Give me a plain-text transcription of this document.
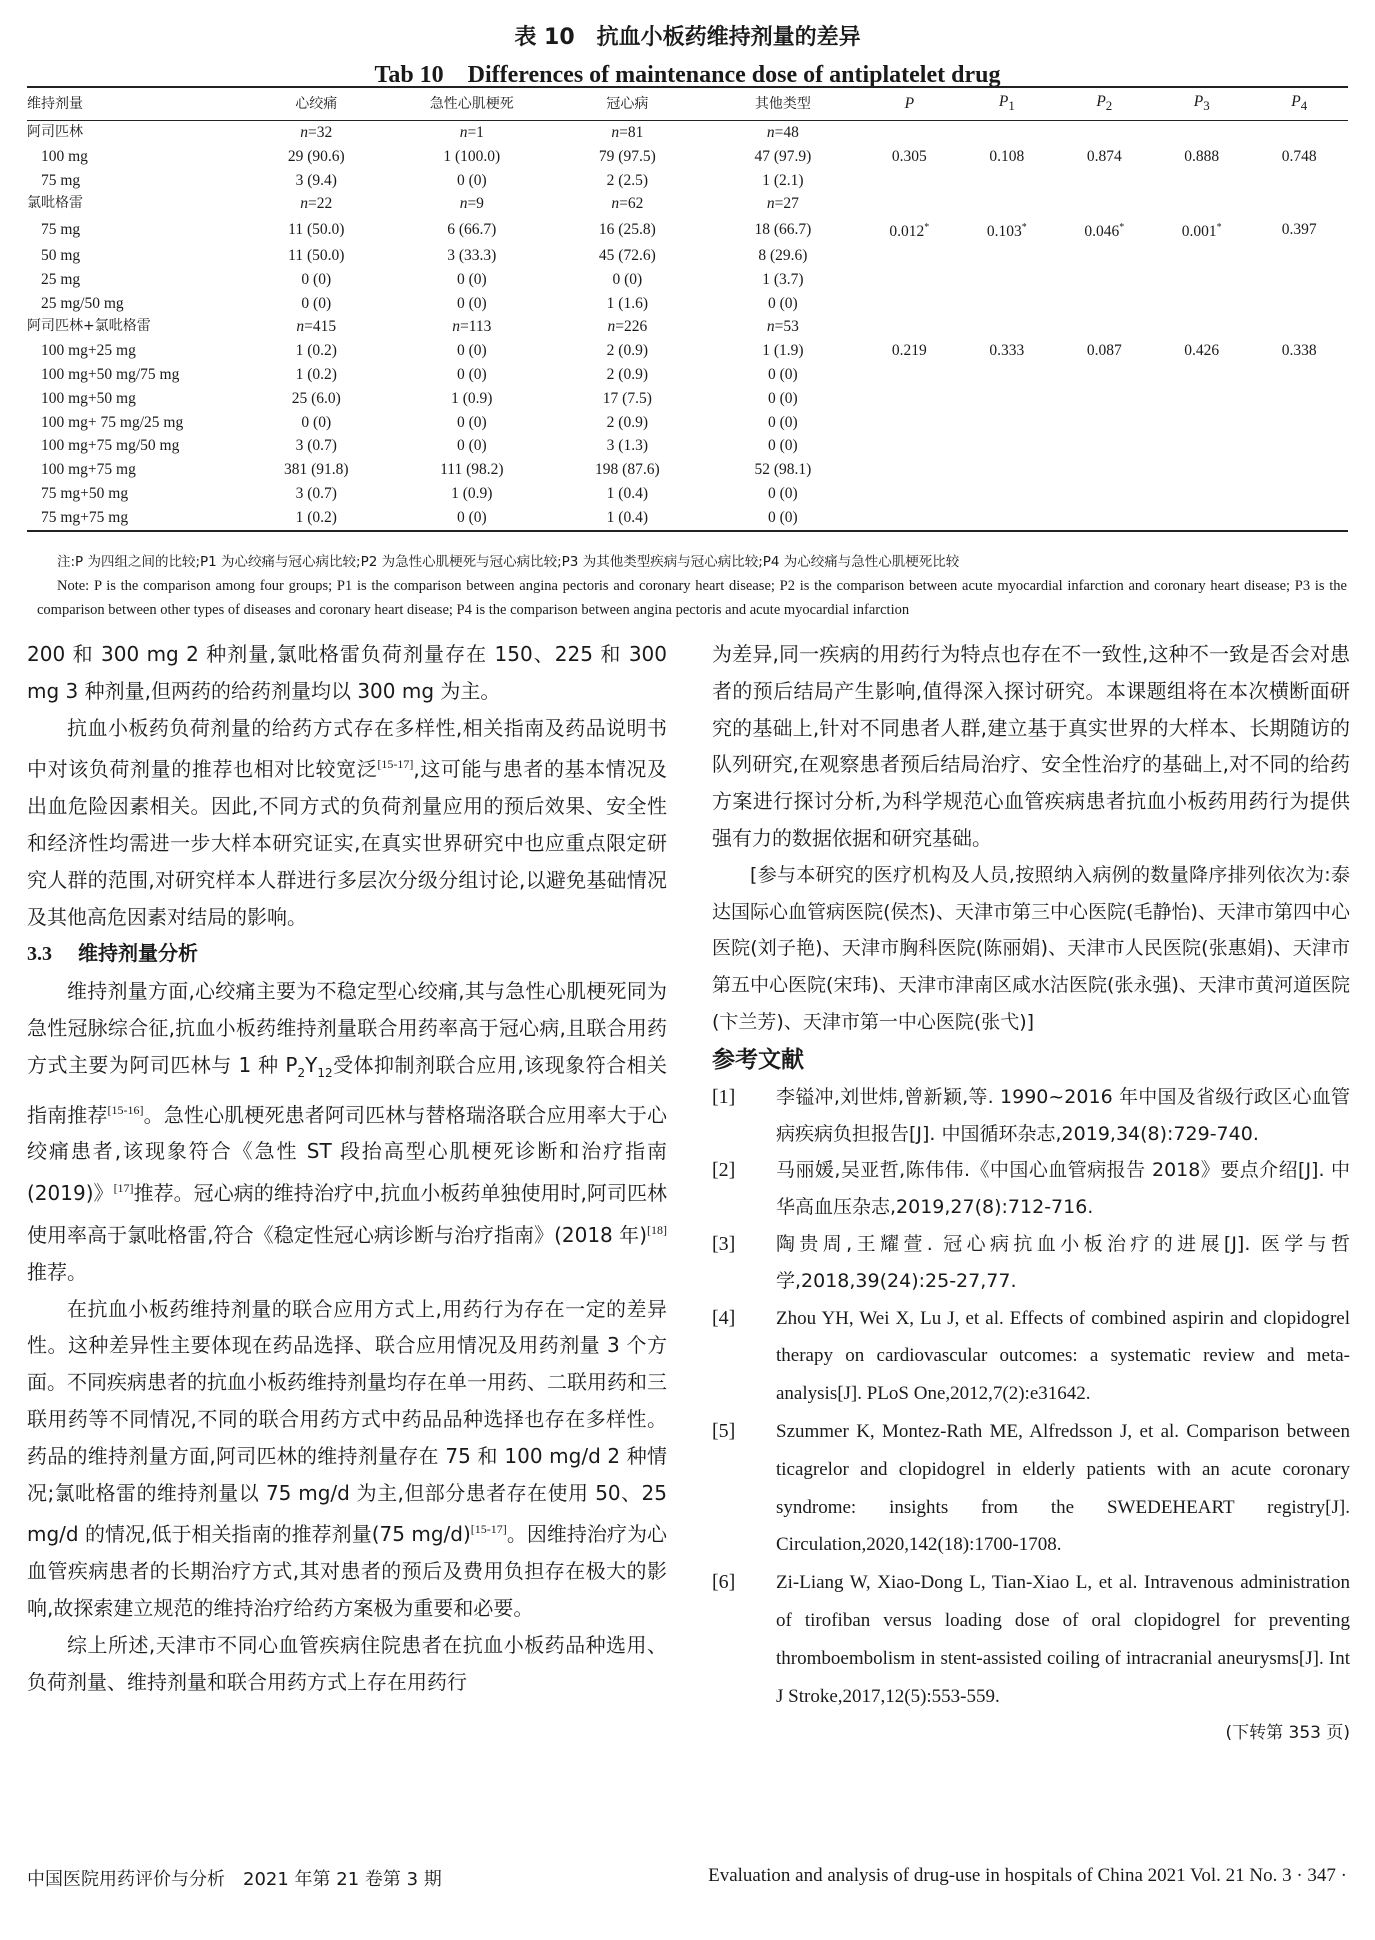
表 10　抗血小板药维持剂量的差异
Tab 10　Differences of maintenance dose of antiplatelet drug
维持剂量	心绞痛	急性心肌梗死	冠心病	其他类型	P	$P_1$	$P_2$	$P_3$	$P_4$
阿司匹林	n=32	n=1	n=81	n=48					
100 mg	29 (90.6)	1 (100.0)	79 (97.5)	47 (97.9)	0.305	0.108	0.874	0.888	0.748
75 mg	3 (9.4)	0 (0)	2 (2.5)	1 (2.1)					
氯吡格雷	n=22	n=9	n=62	n=27					
75 mg	11 (50.0)	6 (66.7)	16 (25.8)	18 (66.7)	0.012*	0.103*	0.046*	0.001*	0.397
50 mg	11 (50.0)	3 (33.3)	45 (72.6)	8 (29.6)					
25 mg	0 (0)	0 (0)	0 (0)	1 (3.7)					
25 mg/50 mg	0 (0)	0 (0)	1 (1.6)	0 (0)					
阿司匹林+氯吡格雷	n=415	n=113	n=226	n=53					
100 mg+25 mg	1 (0.2)	0 (0)	2 (0.9)	1 (1.9)	0.219	0.333	0.087	0.426	0.338
100 mg+50 mg/75 mg	1 (0.2)	0 (0)	2 (0.9)	0 (0)					
100 mg+50 mg	25 (6.0)	1 (0.9)	17 (7.5)	0 (0)					
100 mg+ 75 mg/25 mg	0 (0)	0 (0)	2 (0.9)	0 (0)					
100 mg+75 mg/50 mg	3 (0.7)	0 (0)	3 (1.3)	0 (0)					
100 mg+75 mg	381 (91.8)	111 (98.2)	198 (87.6)	52 (98.1)					
75 mg+50 mg	3 (0.7)	1 (0.9)	1 (0.4)	0 (0)					
75 mg+75 mg	1 (0.2)	0 (0)	1 (0.4)	0 (0)					
注:P 为四组之间的比较;P1 为心绞痛与冠心病比较;P2 为急性心肌梗死与冠心病比较;P3 为其他类型疾病与冠心病比较;P4 为心绞痛与急性心肌梗死比较
Note: P is the comparison among four groups; P1 is the comparison between angina pectoris and coronary heart disease; P2 is the comparison between acute myocardial infarction and coronary heart disease; P3 is the comparison between other types of diseases and coronary heart disease; P4 is the comparison between angina pectoris and acute myocardial infarction

200 和 300 mg 2 种剂量,氯吡格雷负荷剂量存在 150、225 和 300 mg 3 种剂量,但两药的给药剂量均以 300 mg 为主。

抗血小板药负荷剂量的给药方式存在多样性,相关指南及药品说明书中对该负荷剂量的推荐也相对比较宽泛[15-17],这可能与患者的基本情况及出血危险因素相关。因此,不同方式的负荷剂量应用的预后效果、安全性和经济性均需进一步大样本研究证实,在真实世界研究中也应重点限定研究人群的范围,对研究样本人群进行多层次分级分组讨论,以避免基础情况及其他高危因素对结局的影响。

3.3 维持剂量分析

维持剂量方面,心绞痛主要为不稳定型心绞痛,其与急性心肌梗死同为急性冠脉综合征,抗血小板药维持剂量联合用药率高于冠心病,且联合用药方式主要为阿司匹林与 1 种 $P_2Y_{12}$受体抑制剂联合应用,该现象符合相关指南推荐[15-16]。急性心肌梗死患者阿司匹林与替格瑞洛联合应用率大于心绞痛患者,该现象符合《急性 ST 段抬高型心肌梗死诊断和治疗指南(2019)》[17]推荐。冠心病的维持治疗中,抗血小板药单独使用时,阿司匹林使用率高于氯吡格雷,符合《稳定性冠心病诊断与治疗指南》(2018 年)[18]推荐。

在抗血小板药维持剂量的联合应用方式上,用药行为存在一定的差异性。这种差异性主要体现在药品选择、联合应用情况及用药剂量 3 个方面。不同疾病患者的抗血小板药维持剂量均存在单一用药、二联用药和三联用药等不同情况,不同的联合用药方式中药品品种选择也存在多样性。药品的维持剂量方面,阿司匹林的维持剂量存在 75 和 100 mg/d 2 种情况;氯吡格雷的维持剂量以 75 mg/d 为主,但部分患者存在使用 50、25 mg/d 的情况,低于相关指南的推荐剂量(75 mg/d)[15-17]。因维持治疗为心血管疾病患者的长期治疗方式,其对患者的预后及费用负担存在极大的影响,故探索建立规范的维持治疗给药方案极为重要和必要。

综上所述,天津市不同心血管疾病住院患者在抗血小板药品种选用、负荷剂量、维持剂量和联合用药方式上存在用药行

为差异,同一疾病的用药行为特点也存在不一致性,这种不一致是否会对患者的预后结局产生影响,值得深入探讨研究。本课题组将在本次横断面研究的基础上,针对不同患者人群,建立基于真实世界的大样本、长期随访的队列研究,在观察患者预后结局治疗、安全性治疗的基础上,对不同的给药方案进行探讨分析,为科学规范心血管疾病患者抗血小板药用药行为提供强有力的数据依据和研究基础。

[参与本研究的医疗机构及人员,按照纳入病例的数量降序排列依次为:泰达国际心血管病医院(侯杰)、天津市第三中心医院(毛静怡)、天津市第四中心医院(刘子艳)、天津市胸科医院(陈丽娟)、天津市人民医院(张惠娟)、天津市第五中心医院(宋玮)、天津市津南区咸水沽医院(张永强)、天津市黄河道医院(卞兰芳)、天津市第一中心医院(张弋)]

参考文献
[1] 李镒冲,刘世炜,曾新颖,等. 1990~2016 年中国及省级行政区心血管病疾病负担报告[J]. 中国循环杂志,2019,34(8):729-740.
[2] 马丽媛,吴亚哲,陈伟伟.《中国心血管病报告 2018》要点介绍[J]. 中华高血压杂志,2019,27(8):712-716.
[3] 陶贵周,王耀萱. 冠心病抗血小板治疗的进展[J]. 医学与哲学,2018,39(24):25-27,77.
[4] Zhou YH, Wei X, Lu J, et al. Effects of combined aspirin and clopidogrel therapy on cardiovascular outcomes: a systematic review and meta-analysis[J]. PLoS One,2012,7(2):e31642.
[5] Szummer K, Montez-Rath ME, Alfredsson J, et al. Comparison between ticagrelor and clopidogrel in elderly patients with an acute coronary syndrome: insights from the SWEDEHEART registry[J]. Circulation,2020,142(18):1700-1708.
[6] Zi-Liang W, Xiao-Dong L, Tian-Xiao L, et al. Intravenous administration of tirofiban versus loading dose of oral clopidogrel for preventing thromboembolism in stent-assisted coiling of intracranial aneurysms[J]. Int J Stroke,2017,12(5):553-559.
(下转第 353 页)
中国医院用药评价与分析　2021 年第 21 卷第 3 期	Evaluation and analysis of drug-use in hospitals of China 2021 Vol. 21 No. 3 · 347 ·
